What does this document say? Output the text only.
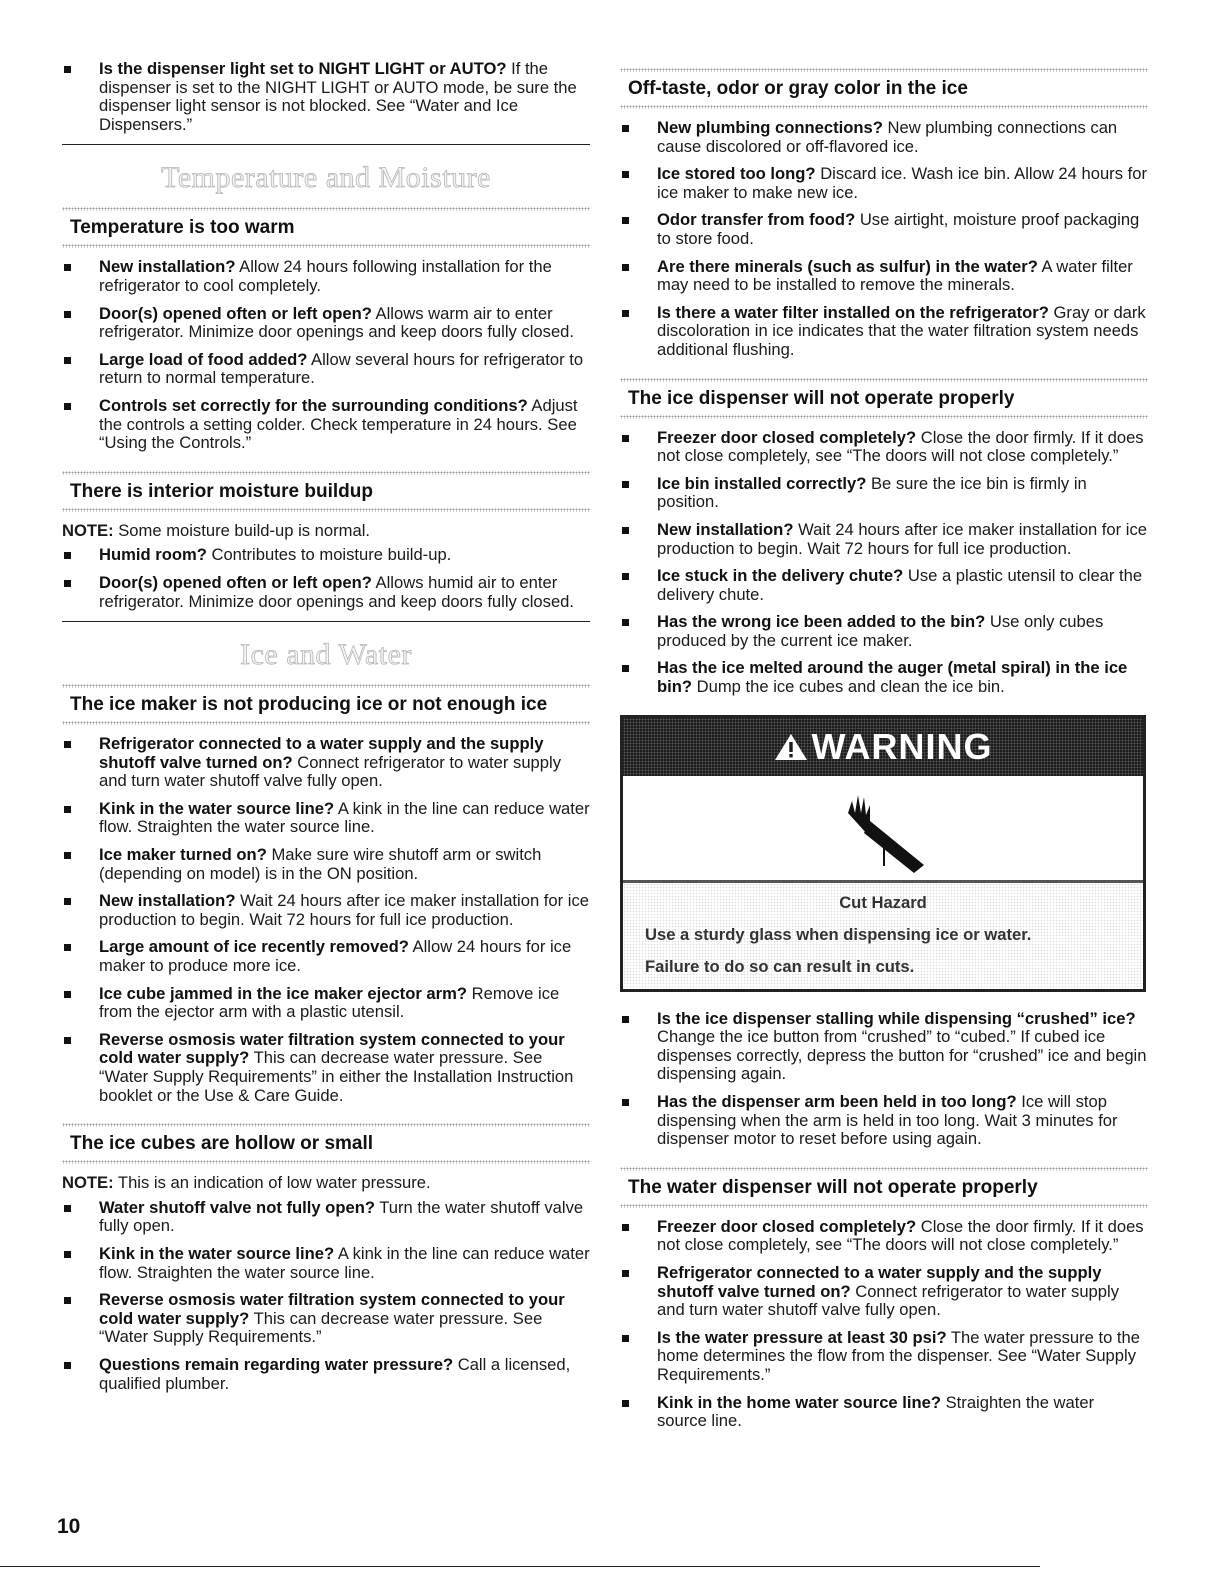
Is the dispenser light set to NIGHT LIGHT or AUTO? If the dispenser is set to the NIGHT LIGHT or AUTO mode, be sure the dispenser light sensor is not blocked. See “Water and Ice Dispensers.”
Temperature and Moisture
Temperature is too warm
New installation? Allow 24 hours following installation for the refrigerator to cool completely.
Door(s) opened often or left open? Allows warm air to enter refrigerator. Minimize door openings and keep doors fully closed.
Large load of food added? Allow several hours for refrigerator to return to normal temperature.
Controls set correctly for the surrounding conditions? Adjust the controls a setting colder. Check temperature in 24 hours. See “Using the Controls.”
There is interior moisture buildup
NOTE: Some moisture build-up is normal.
Humid room? Contributes to moisture build-up.
Door(s) opened often or left open? Allows humid air to enter refrigerator. Minimize door openings and keep doors fully closed.
Ice and Water
The ice maker is not producing ice or not enough ice
Refrigerator connected to a water supply and the supply shutoff valve turned on? Connect refrigerator to water supply and turn water shutoff valve fully open.
Kink in the water source line? A kink in the line can reduce water flow. Straighten the water source line.
Ice maker turned on? Make sure wire shutoff arm or switch (depending on model) is in the ON position.
New installation? Wait 24 hours after ice maker installation for ice production to begin. Wait 72 hours for full ice production.
Large amount of ice recently removed? Allow 24 hours for ice maker to produce more ice.
Ice cube jammed in the ice maker ejector arm? Remove ice from the ejector arm with a plastic utensil.
Reverse osmosis water filtration system connected to your cold water supply? This can decrease water pressure. See “Water Supply Requirements” in either the Installation Instruction booklet or the Use & Care Guide.
The ice cubes are hollow or small
NOTE: This is an indication of low water pressure.
Water shutoff valve not fully open? Turn the water shutoff valve fully open.
Kink in the water source line? A kink in the line can reduce water flow. Straighten the water source line.
Reverse osmosis water filtration system connected to your cold water supply? This can decrease water pressure. See “Water Supply Requirements.”
Questions remain regarding water pressure? Call a licensed, qualified plumber.
Off-taste, odor or gray color in the ice
New plumbing connections? New plumbing connections can cause discolored or off-flavored ice.
Ice stored too long? Discard ice. Wash ice bin. Allow 24 hours for ice maker to make new ice.
Odor transfer from food? Use airtight, moisture proof packaging to store food.
Are there minerals (such as sulfur) in the water? A water filter may need to be installed to remove the minerals.
Is there a water filter installed on the refrigerator? Gray or dark discoloration in ice indicates that the water filtration system needs additional flushing.
The ice dispenser will not operate properly
Freezer door closed completely? Close the door firmly. If it does not close completely, see “The doors will not close completely.”
Ice bin installed correctly? Be sure the ice bin is firmly in position.
New installation? Wait 24 hours after ice maker installation for ice production to begin. Wait 72 hours for full ice production.
Ice stuck in the delivery chute? Use a plastic utensil to clear the delivery chute.
Has the wrong ice been added to the bin? Use only cubes produced by the current ice maker.
Has the ice melted around the auger (metal spiral) in the ice bin? Dump the ice cubes and clean the ice bin.
WARNING
Cut Hazard
Use a sturdy glass when dispensing ice or water.
Failure to do so can result in cuts.
Is the ice dispenser stalling while dispensing “crushed” ice? Change the ice button from “crushed” to “cubed.” If cubed ice dispenses correctly, depress the button for “crushed” ice and begin dispensing again.
Has the dispenser arm been held in too long? Ice will stop dispensing when the arm is held in too long. Wait 3 minutes for dispenser motor to reset before using again.
The water dispenser will not operate properly
Freezer door closed completely? Close the door firmly. If it does not close completely, see “The doors will not close completely.”
Refrigerator connected to a water supply and the supply shutoff valve turned on? Connect refrigerator to water supply and turn water shutoff valve fully open.
Is the water pressure at least 30 psi? The water pressure to the home determines the flow from the dispenser. See “Water Supply Requirements.”
Kink in the home water source line? Straighten the water source line.
10
